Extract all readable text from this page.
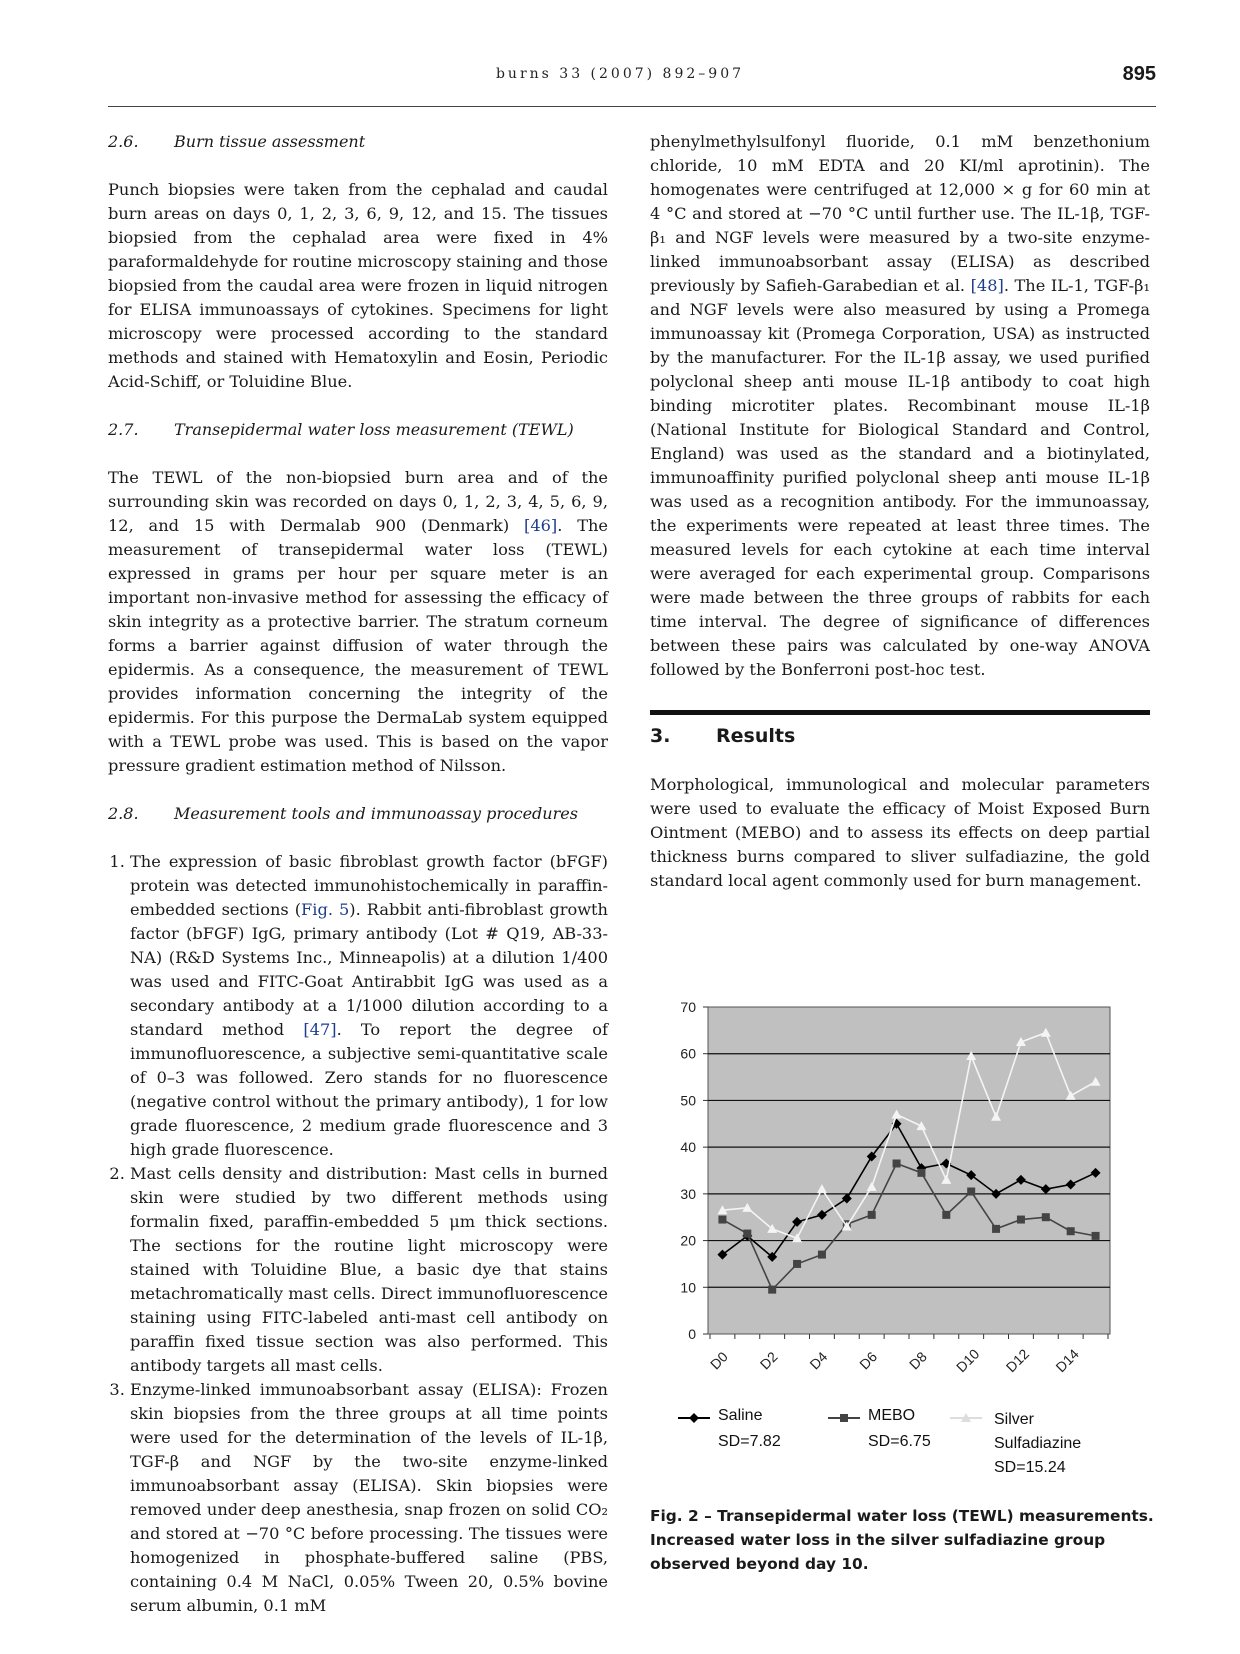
burns 33 (2007) 892–907	895
2.6. Burn tissue assessment

Punch biopsies were taken from the cephalad and caudal burn areas on days 0, 1, 2, 3, 6, 9, 12, and 15. The tissues biopsied from the cephalad area were fixed in 4% paraformaldehyde for routine microscopy staining and those biopsied from the caudal area were frozen in liquid nitrogen for ELISA immunoassays of cytokines. Specimens for light microscopy were processed according to the standard methods and stained with Hematoxylin and Eosin, Periodic Acid-Schiff, or Toluidine Blue.

2.7. Transepidermal water loss measurement (TEWL)

The TEWL of the non-biopsied burn area and of the surrounding skin was recorded on days 0, 1, 2, 3, 4, 5, 6, 9, 12, and 15 with Dermalab 900 (Denmark) [46]. The measurement of transepidermal water loss (TEWL) expressed in grams per hour per square meter is an important non-invasive method for assessing the efficacy of skin integrity as a protective barrier. The stratum corneum forms a barrier against diffusion of water through the epidermis. As a consequence, the measurement of TEWL provides information concerning the integrity of the epidermis. For this purpose the DermaLab system equipped with a TEWL probe was used. This is based on the vapor pressure gradient estimation method of Nilsson.

2.8. Measurement tools and immunoassay procedures
1. The expression of basic fibroblast growth factor (bFGF) protein was detected immunohistochemically in paraffin-embedded sections (Fig. 5). Rabbit anti-fibroblast growth factor (bFGF) IgG, primary antibody (Lot # Q19, AB-33-NA) (R&D Systems Inc., Minneapolis) at a dilution 1/400 was used and FITC-Goat Antirabbit IgG was used as a secondary antibody at a 1/1000 dilution according to a standard method [47]. To report the degree of immunofluorescence, a subjective semi-quantitative scale of 0–3 was followed. Zero stands for no fluorescence (negative control without the primary antibody), 1 for low grade fluorescence, 2 medium grade fluorescence and 3 high grade fluorescence.
2. Mast cells density and distribution: Mast cells in burned skin were studied by two different methods using formalin fixed, paraffin-embedded 5 μm thick sections. The sections for the routine light microscopy were stained with Toluidine Blue, a basic dye that stains metachromatically mast cells. Direct immunofluorescence staining using FITC-labeled anti-mast cell antibody on paraffin fixed tissue section was also performed. This antibody targets all mast cells.
3. Enzyme-linked immunoabsorbant assay (ELISA): Frozen skin biopsies from the three groups at all time points were used for the determination of the levels of IL-1β, TGF-β and NGF by the two-site enzyme-linked immunoabsorbant assay (ELISA). Skin biopsies were removed under deep anesthesia, snap frozen on solid CO₂ and stored at −70 °C before processing. The tissues were homogenized in phosphate-buffered saline (PBS, containing 0.4 M NaCl, 0.05% Tween 20, 0.5% bovine serum albumin, 0.1 mM

phenylmethylsulfonyl fluoride, 0.1 mM benzethonium chloride, 10 mM EDTA and 20 KI/ml aprotinin). The homogenates were centrifuged at 12,000 × g for 60 min at 4 °C and stored at −70 °C until further use. The IL-1β, TGF-β₁ and NGF levels were measured by a two-site enzyme-linked immunoabsorbant assay (ELISA) as described previously by Safieh-Garabedian et al. [48]. The IL-1, TGF-β₁ and NGF levels were also measured by using a Promega immunoassay kit (Promega Corporation, USA) as instructed by the manufacturer. For the IL-1β assay, we used purified polyclonal sheep anti mouse IL-1β antibody to coat high binding microtiter plates. Recombinant mouse IL-1β (National Institute for Biological Standard and Control, England) was used as the standard and a biotinylated, immunoaffinity purified polyclonal sheep anti mouse IL-1β was used as a recognition antibody. For the immunoassay, the experiments were repeated at least three times. The measured levels for each cytokine at each time interval were averaged for each experimental group. Comparisons were made between the three groups of rabbits for each time interval. The degree of significance of differences between these pairs was calculated by one-way ANOVA followed by the Bonferroni post-hoc test.

3. Results

Morphological, immunological and molecular parameters were used to evaluate the efficacy of Moist Exposed Burn Ointment (MEBO) and to assess its effects on deep partial thickness burns compared to sliver sulfadiazine, the gold standard local agent commonly used for burn management.

0
10
20
30
40
50
60
70
D0 D2 D4 D6 D8 D10 D12 D14
Saline
SD=7.82
MEBO
SD=6.75
Silver
Sulfadiazine
SD=15.24
Fig. 2 – Transepidermal water loss (TEWL) measurements. Increased water loss in the silver sulfadiazine group observed beyond day 10.
